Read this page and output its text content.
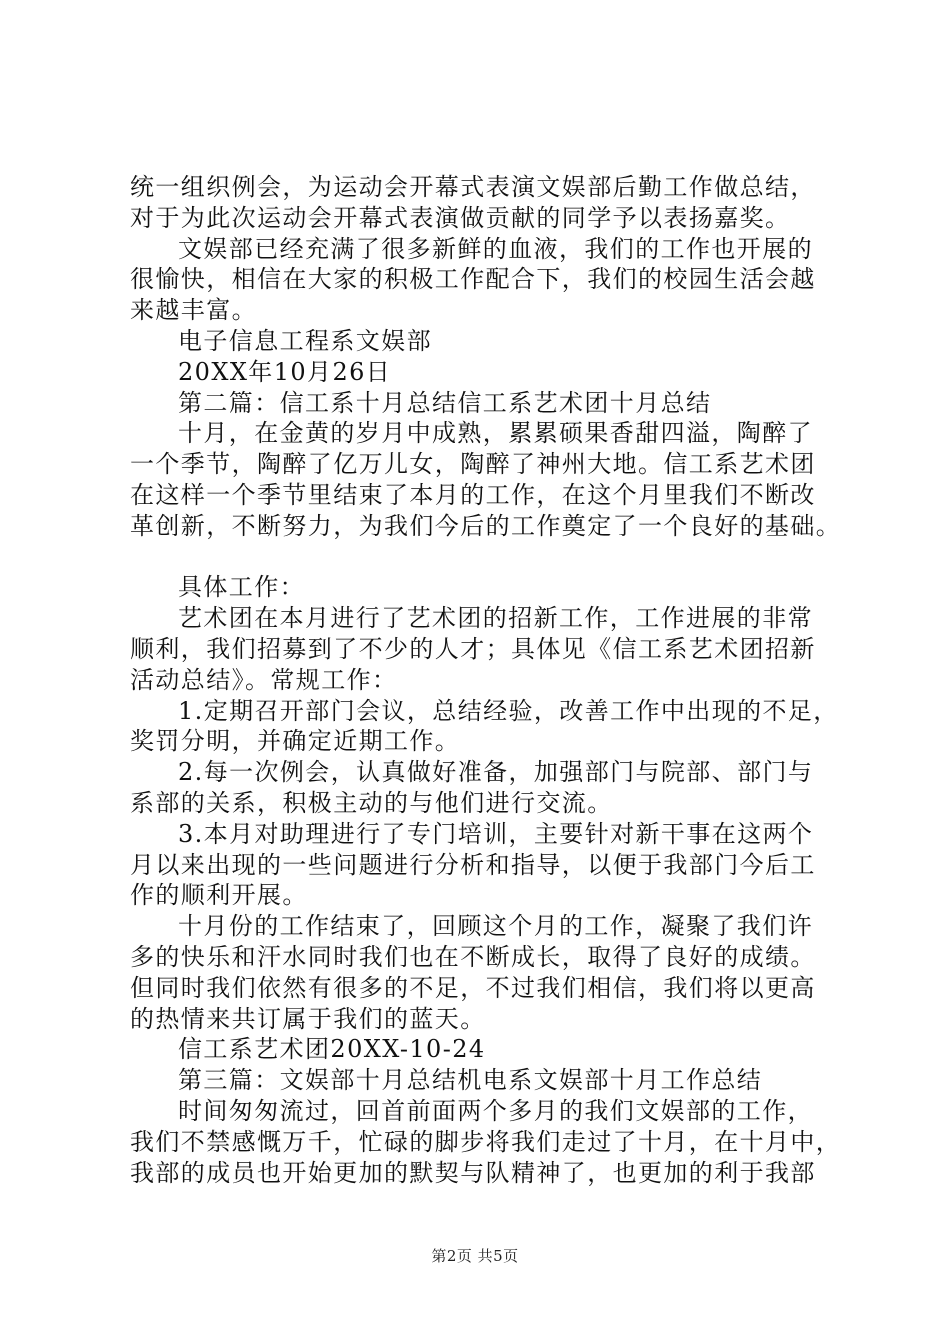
统一组织例会，为运动会开幕式表演文娱部后勤工作做总结，

对于为此次运动会开幕式表演做贡献的同学予以表扬嘉奖。

文娱部已经充满了很多新鲜的血液，我们的工作也开展的

很愉快，相信在大家的积极工作配合下，我们的校园生活会越

来越丰富。

电子信息工程系文娱部

20XX年10月26日

第二篇：信工系十月总结信工系艺术团十月总结

十月，在金黄的岁月中成熟，累累硕果香甜四溢，陶醉了

一个季节，陶醉了亿万儿女，陶醉了神州大地。信工系艺术团

在这样一个季节里结束了本月的工作，在这个月里我们不断改

革创新，不断努力，为我们今后的工作奠定了一个良好的基础。

具体工作：

艺术团在本月进行了艺术团的招新工作，工作进展的非常

顺利，我们招募到了不少的人才；具体见《信工系艺术团招新

活动总结》。常规工作：

1.定期召开部门会议，总结经验，改善工作中出现的不足，

奖罚分明，并确定近期工作。

2.每一次例会，认真做好准备，加强部门与院部、部门与

系部的关系，积极主动的与他们进行交流。

3.本月对助理进行了专门培训，主要针对新干事在这两个

月以来出现的一些问题进行分析和指导，以便于我部门今后工

作的顺利开展。

十月份的工作结束了，回顾这个月的工作，凝聚了我们许

多的快乐和汗水同时我们也在不断成长，取得了良好的成绩。

但同时我们依然有很多的不足，不过我们相信，我们将以更高

的热情来共订属于我们的蓝天。

信工系艺术团20XX-10-24

第三篇：文娱部十月总结机电系文娱部十月工作总结

时间匆匆流过，回首前面两个多月的我们文娱部的工作，

我们不禁感慨万千，忙碌的脚步将我们走过了十月，在十月中，

我部的成员也开始更加的默契与队精神了，也更加的利于我部

第2页 共5页
